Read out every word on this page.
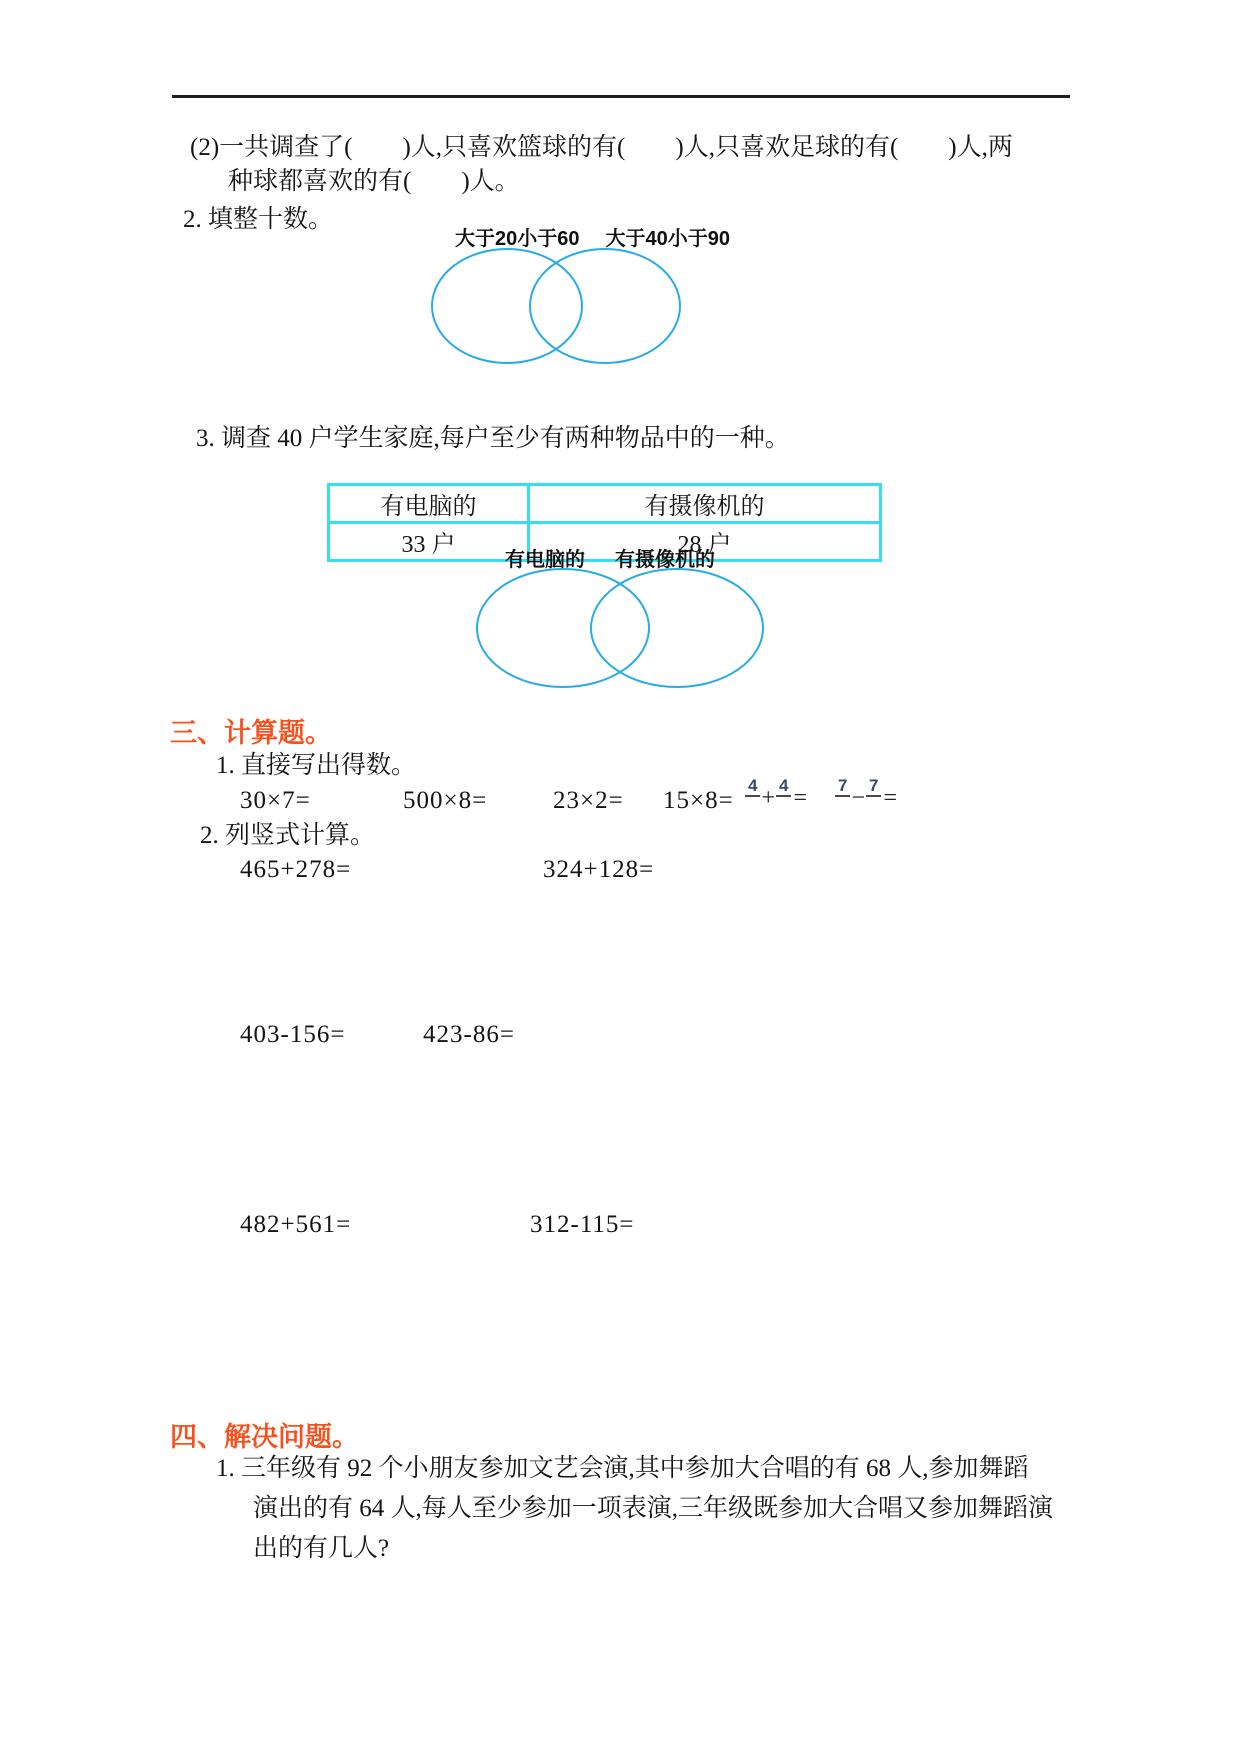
(2)一共调查了(　　)人,只喜欢篮球的有(　　)人,只喜欢足球的有(　　)人,两
种球都喜欢的有(　　)人。
2. 填整十数。
大于20小于60 大于40小于90
3. 调查 40 户学生家庭,每户至少有两种物品中的一种。
有电脑的	有摄像机的
33 户	28 户
有电脑的 有摄像机的
三、计算题。
1. 直接写出得数。
30×7=	500×8=	23×2= 15×8=
4 + 4 = 7 − 7 =
2. 列竖式计算。
465+278=	324+128=
403-156=	423-86=
482+561=	312-115=
四、解决问题。
1. 三年级有 92 个小朋友参加文艺会演,其中参加大合唱的有 68 人,参加舞蹈
演出的有 64 人,每人至少参加一项表演,三年级既参加大合唱又参加舞蹈演
出的有几人?
